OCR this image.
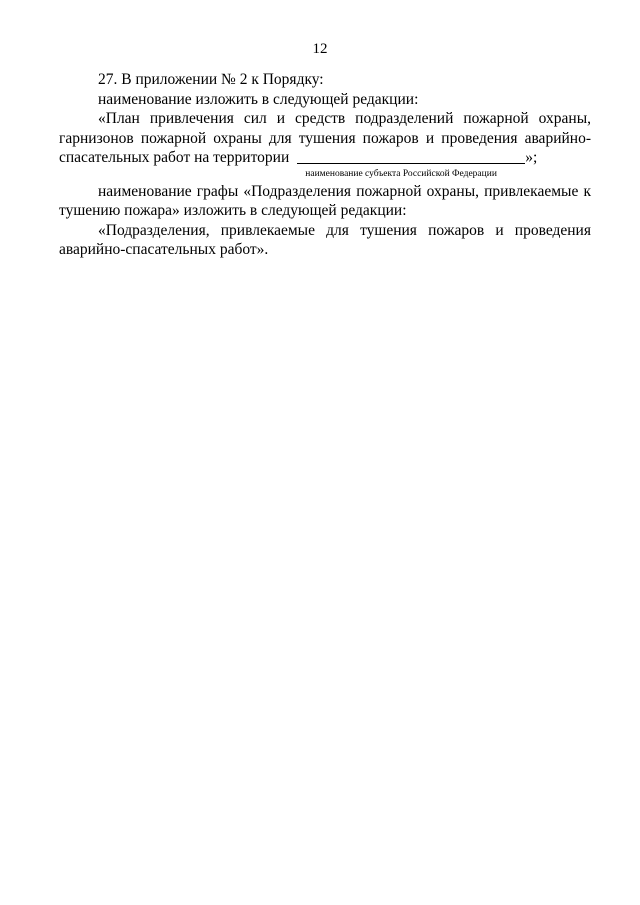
12

27. В приложении № 2 к Порядку:

наименование изложить в следующей редакции:

«План привлечения сил и средств подразделений пожарной охраны, гарнизонов пожарной охраны для тушения пожаров и проведения аварийно-

спасательных работ на территории
наименование субъекта Российской Федерации
»;

наименование графы «Подразделения пожарной охраны, привлекаемые к тушению пожара» изложить в следующей редакции:

«Подразделения, привлекаемые для тушения пожаров и проведения аварийно-спасательных работ».
